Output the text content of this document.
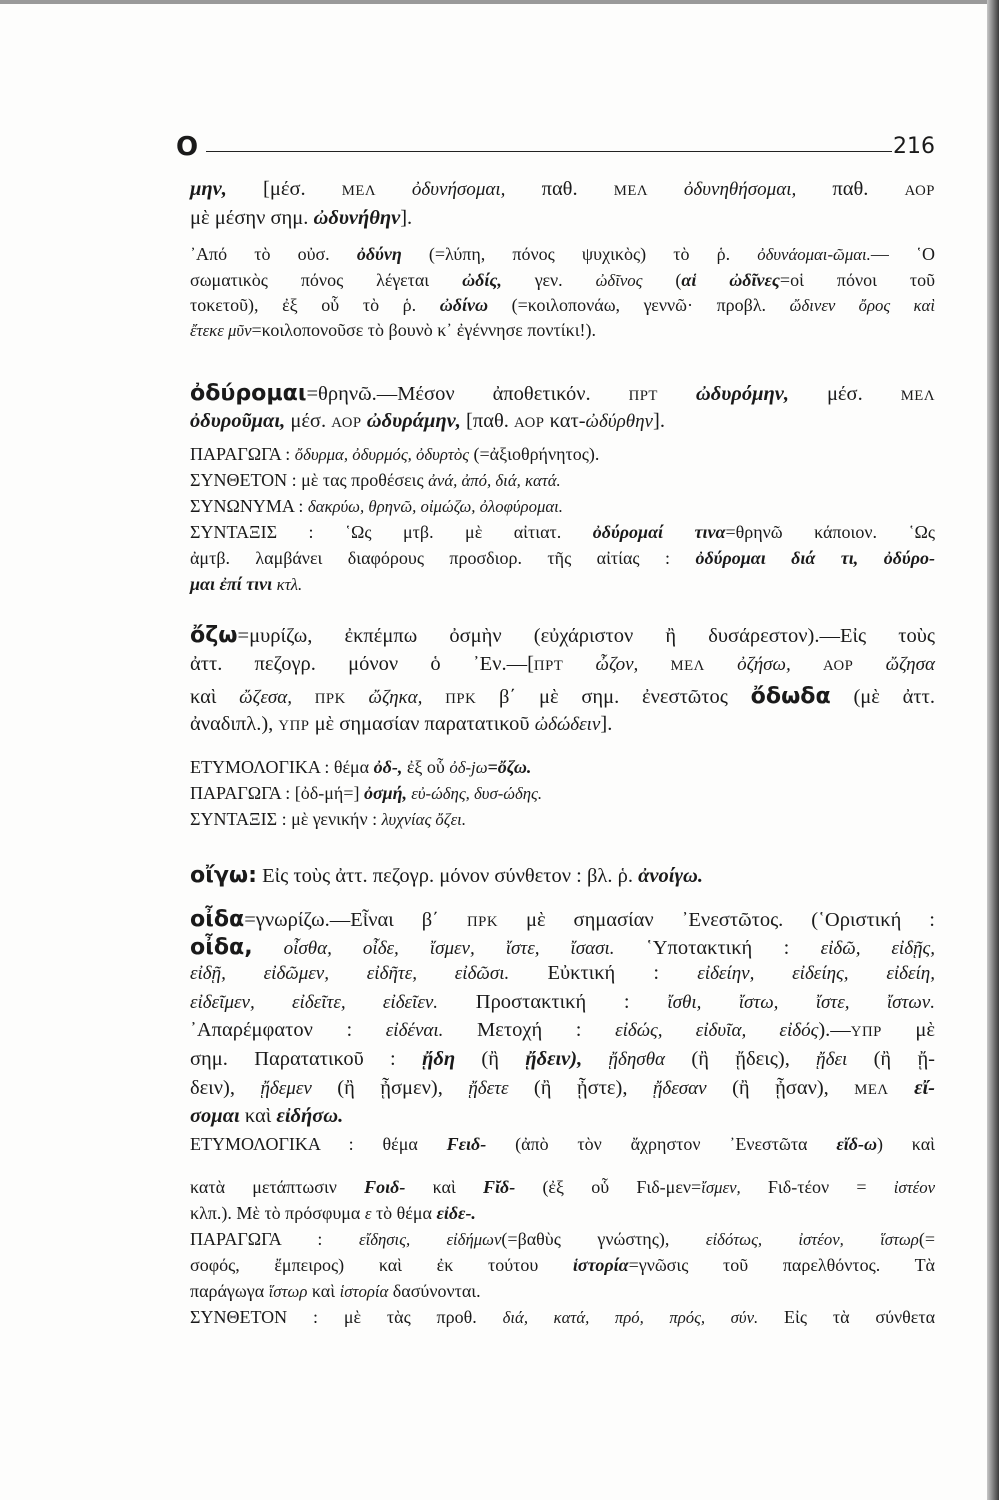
Ο	216
μην, [μέσ. ΜΕΛ ὀδυνήσομαι, παθ. ΜΕΛ ὀδυνηθήσομαι, παθ. ΑΟΡ
μὲ μέσην σημ. ὠδυνήθην].
᾽Από τὸ οὐσ. ὀδύνη (=λύπη, πόνος ψυχικὸς) τὸ ῥ. ὀδυνάομαι-ῶμαι.— ῾Ο
σωματικὸς πόνος λέγεται ὠδίς, γεν. ὠδῖνος (αἱ ὠδῖνες=οἱ πόνοι τοῦ
τοκετοῦ), ἐξ οὗ τὸ ῥ. ὠδίνω (=κοιλοπονάω, γεννῶ· προβλ. ὤδινεν ὄρος καὶ
ἔτεκε μῦν=κοιλοπονοῦσε τὸ βουνὸ κ᾽ ἐγέννησε ποντίκι!).
ὀδύρομαι=θρηνῶ.—Μέσον ἀποθετικόν. ΠΡΤ ὠδυρόμην, μέσ. ΜΕΛ
ὀδυροῦμαι, μέσ. ΑΟΡ ὠδυράμην, [παθ. ΑΟΡ κατ-ὠδύρθην].
ΠΑΡΑΓΩΓΑ : ὄδυρμα, ὀδυρμός, ὀδυρτὸς (=ἀξιοθρήνητος).
ΣΥΝΘΕΤΟΝ : μὲ τας προθέσεις ἀνά, ἀπό, διά, κατά.
ΣΥΝΩΝΥΜΑ : δακρύω, θρηνῶ, οἰμώζω, ὀλοφύρομαι.
ΣΥΝΤΑΞΙΣ : ῾Ως μτβ. μὲ αἰτιατ. ὀδύρομαί τινα=θρηνῶ κάποιον. ῾Ως
ἀμτβ. λαμβάνει διαφόρους προσδιορ. τῆς αἰτίας : ὀδύρομαι διά τι, ὀδύρο-
μαι ἐπί τινι κτλ.
ὄζω=μυρίζω, ἐκπέμπω ὀσμὴν (εὐχάριστον ἢ δυσάρεστον).—Εἰς τοὺς
ἀττ. πεζογρ. μόνον ὁ ᾽Εν.—[ΠΡΤ ὦζον, ΜΕΛ ὀζήσω, ΑΟΡ ὤζησα
καὶ ὤζεσα, ΠΡΚ ὤζηκα, ΠΡΚ β΄ μὲ σημ. ἐνεστῶτος ὄδωδα (μὲ ἀττ.
ἀναδιπλ.), ΥΠΡ μὲ σημασίαν παρατατικοῦ ὠδώδειν].
ΕΤΥΜΟΛΟΓΙΚΑ : θέμα ὀδ-, ἐξ οὗ ὀδ-jω=ὄζω.
ΠΑΡΑΓΩΓΑ : [ὀδ-μή=] ὀσμή, εὐ-ώδης, δυσ-ώδης.
ΣΥΝΤΑΞΙΣ : μὲ γενικήν : λυχνίας ὄζει.
οἴγω: Εἰς τοὺς ἀττ. πεζογρ. μόνον σύνθετον : βλ. ῥ. ἀνοίγω.
οἶδα=γνωρίζω.—Εἶναι β΄ ΠΡΚ μὲ σημασίαν ᾽Ενεστῶτος. (῾Οριστική :
οἶδα, οἶσθα, οἶδε, ἴσμεν, ἴστε, ἴσασι. ῾Υποτακτική : εἰδῶ, εἰδῇς,
εἰδῇ, εἰδῶμεν, εἰδῆτε, εἰδῶσι. Εὐκτική : εἰδείην, εἰδείης, εἰδείη,
εἰδεῖμεν, εἰδεῖτε, εἰδεῖεν. Προστακτική : ἴσθι, ἴστω, ἴστε, ἴστων.
᾽Απαρέμφατον : εἰδέναι. Μετοχή : εἰδώς, εἰδυῖα, εἰδός).—ΥΠΡ μὲ
σημ. Παρατατικοῦ : ᾔδη (ἢ ᾔδειν), ᾔδησθα (ἢ ᾔδεις), ᾔδει (ἢ ᾔ-
δειν), ᾔδεμεν (ἢ ᾖσμεν), ᾔδετε (ἢ ᾖστε), ᾔδεσαν (ἢ ᾖσαν), ΜΕΛ εἴ-
σομαι καὶ εἰδήσω.
ΕΤΥΜΟΛΟΓΙΚΑ : θέμα Ϝειδ- (ἀπὸ τὸν ἄχρηστον ᾽Ενεστῶτα εἴδ-ω) καὶ
κατὰ μετάπτωσιν Ϝοιδ- καὶ Ϝῐδ- (ἐξ οὗ Ϝιδ-μεν=ἴσμεν, Ϝιδ-τέον = ἰστέον
κλπ.). Μὲ τὸ πρόσφυμα ε τὸ θέμα εἰδε-.
ΠΑΡΑΓΩΓΑ : εἴδησις, εἰδήμων(=βαθὺς γνώστης), εἰδότως, ἰστέον, ἵστωρ(=
σοφός, ἔμπειρος) καὶ ἐκ τούτου ἱστορία=γνῶσις τοῦ παρελθόντος. Τὰ
παράγωγα ἵστωρ καὶ ἱστορία δασύνονται.
ΣΥΝΘΕΤΟΝ : μὲ τὰς προθ. διά, κατά, πρό, πρός, σύν. Εἰς τὰ σύνθετα
